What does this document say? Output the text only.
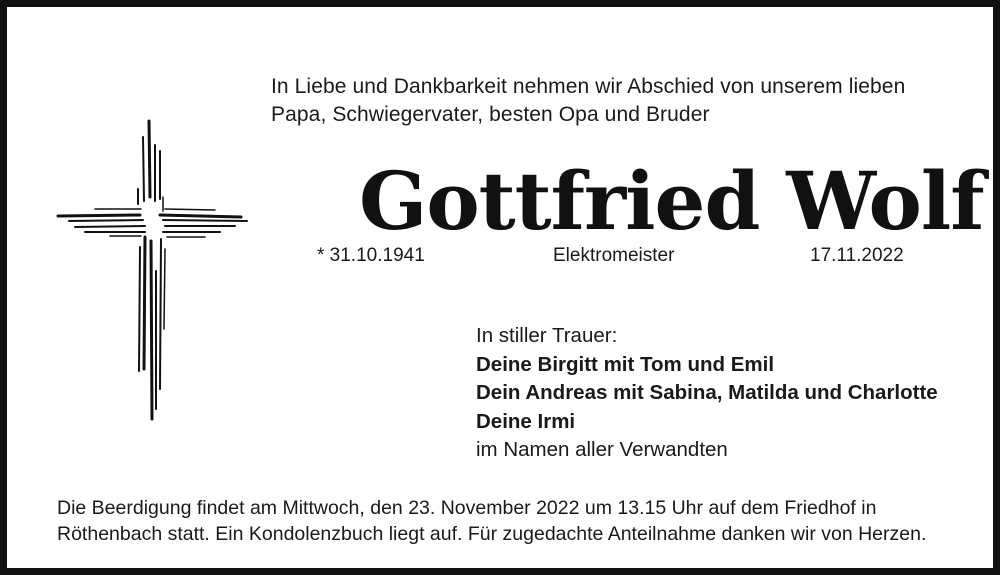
In Liebe und Dankbarkeit nehmen wir Abschied von unserem lieben
Papa, Schwiegervater, besten Opa und Bruder
Gottfried Wolf
* 31.10.1941	Elektromeister	17.11.2022
In stiller Trauer:
Deine Birgitt mit Tom und Emil
Dein Andreas mit Sabina, Matilda und Charlotte
Deine Irmi
im Namen aller Verwandten
Die Beerdigung findet am Mittwoch, den 23. November 2022 um 13.15 Uhr auf dem Friedhof in
Röthenbach statt. Ein Kondolenzbuch liegt auf. Für zugedachte Anteilnahme danken wir von Herzen.
